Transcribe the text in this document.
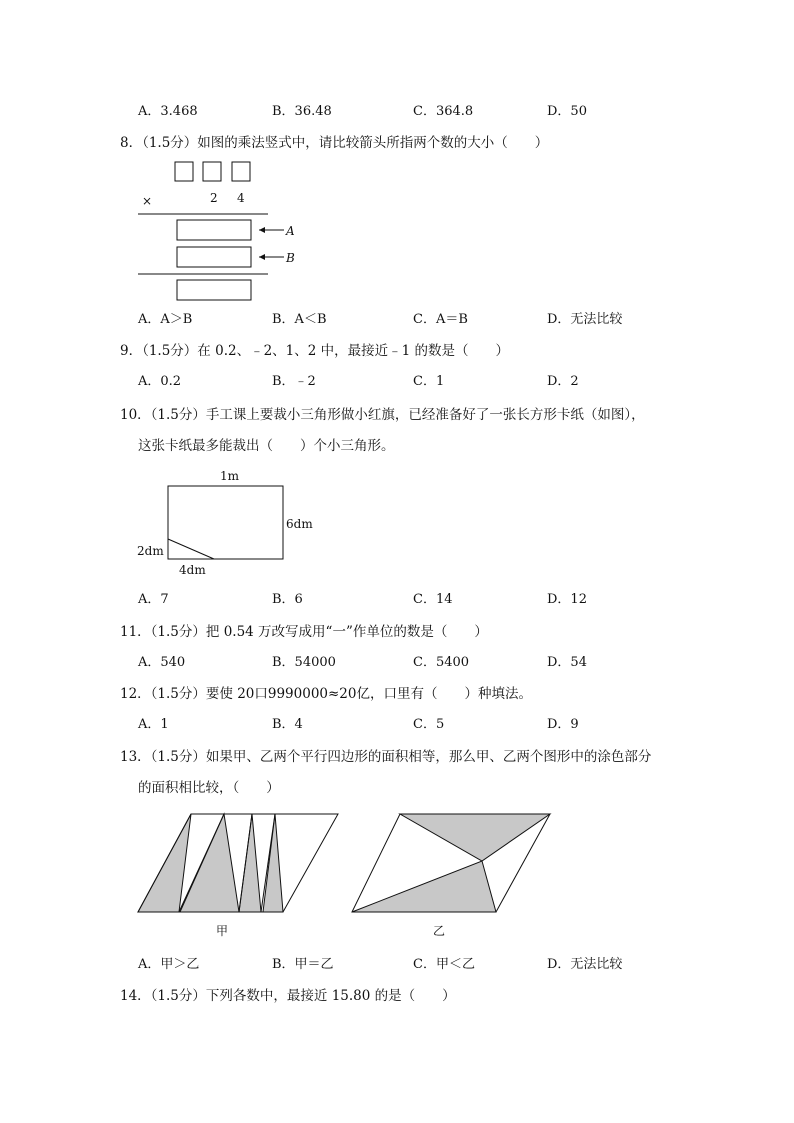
A．3.468	B．36.48	C．364.8	D．50
8．（1.5分）如图的乘法竖式中，请比较箭头所指两个数的大小（　　）
×	2 4
A
B
A．A＞B	B．A＜B	C．A＝B	D．无法比较
9．（1.5分）在 0.2、﹣2、1、2 中，最接近﹣1 的数是（　　）
A．0.2	B．﹣2	C．1	D．2
10．（1.5分）手工课上要裁小三角形做小红旗，已经准备好了一张长方形卡纸（如图），
这张卡纸最多能裁出（　　）个小三角形。
1m
6dm
2dm
4dm
A．7	B．6	C．14	D．12
11．（1.5分）把 0.54 万改写成用“一”作单位的数是（　　）
A．540	B．54000	C．5400	D．54
12．（1.5分）要使 20口9990000≈20亿，口里有（　　）种填法。
A．1	B．4	C．5	D．9
13．（1.5分）如果甲、乙两个平行四边形的面积相等，那么甲、乙两个图形中的涂色部分
的面积相比较，（　　）
甲	乙
A．甲＞乙	B．甲＝乙	C．甲＜乙	D．无法比较
14．（1.5分）下列各数中，最接近 15.80 的是（　　）
